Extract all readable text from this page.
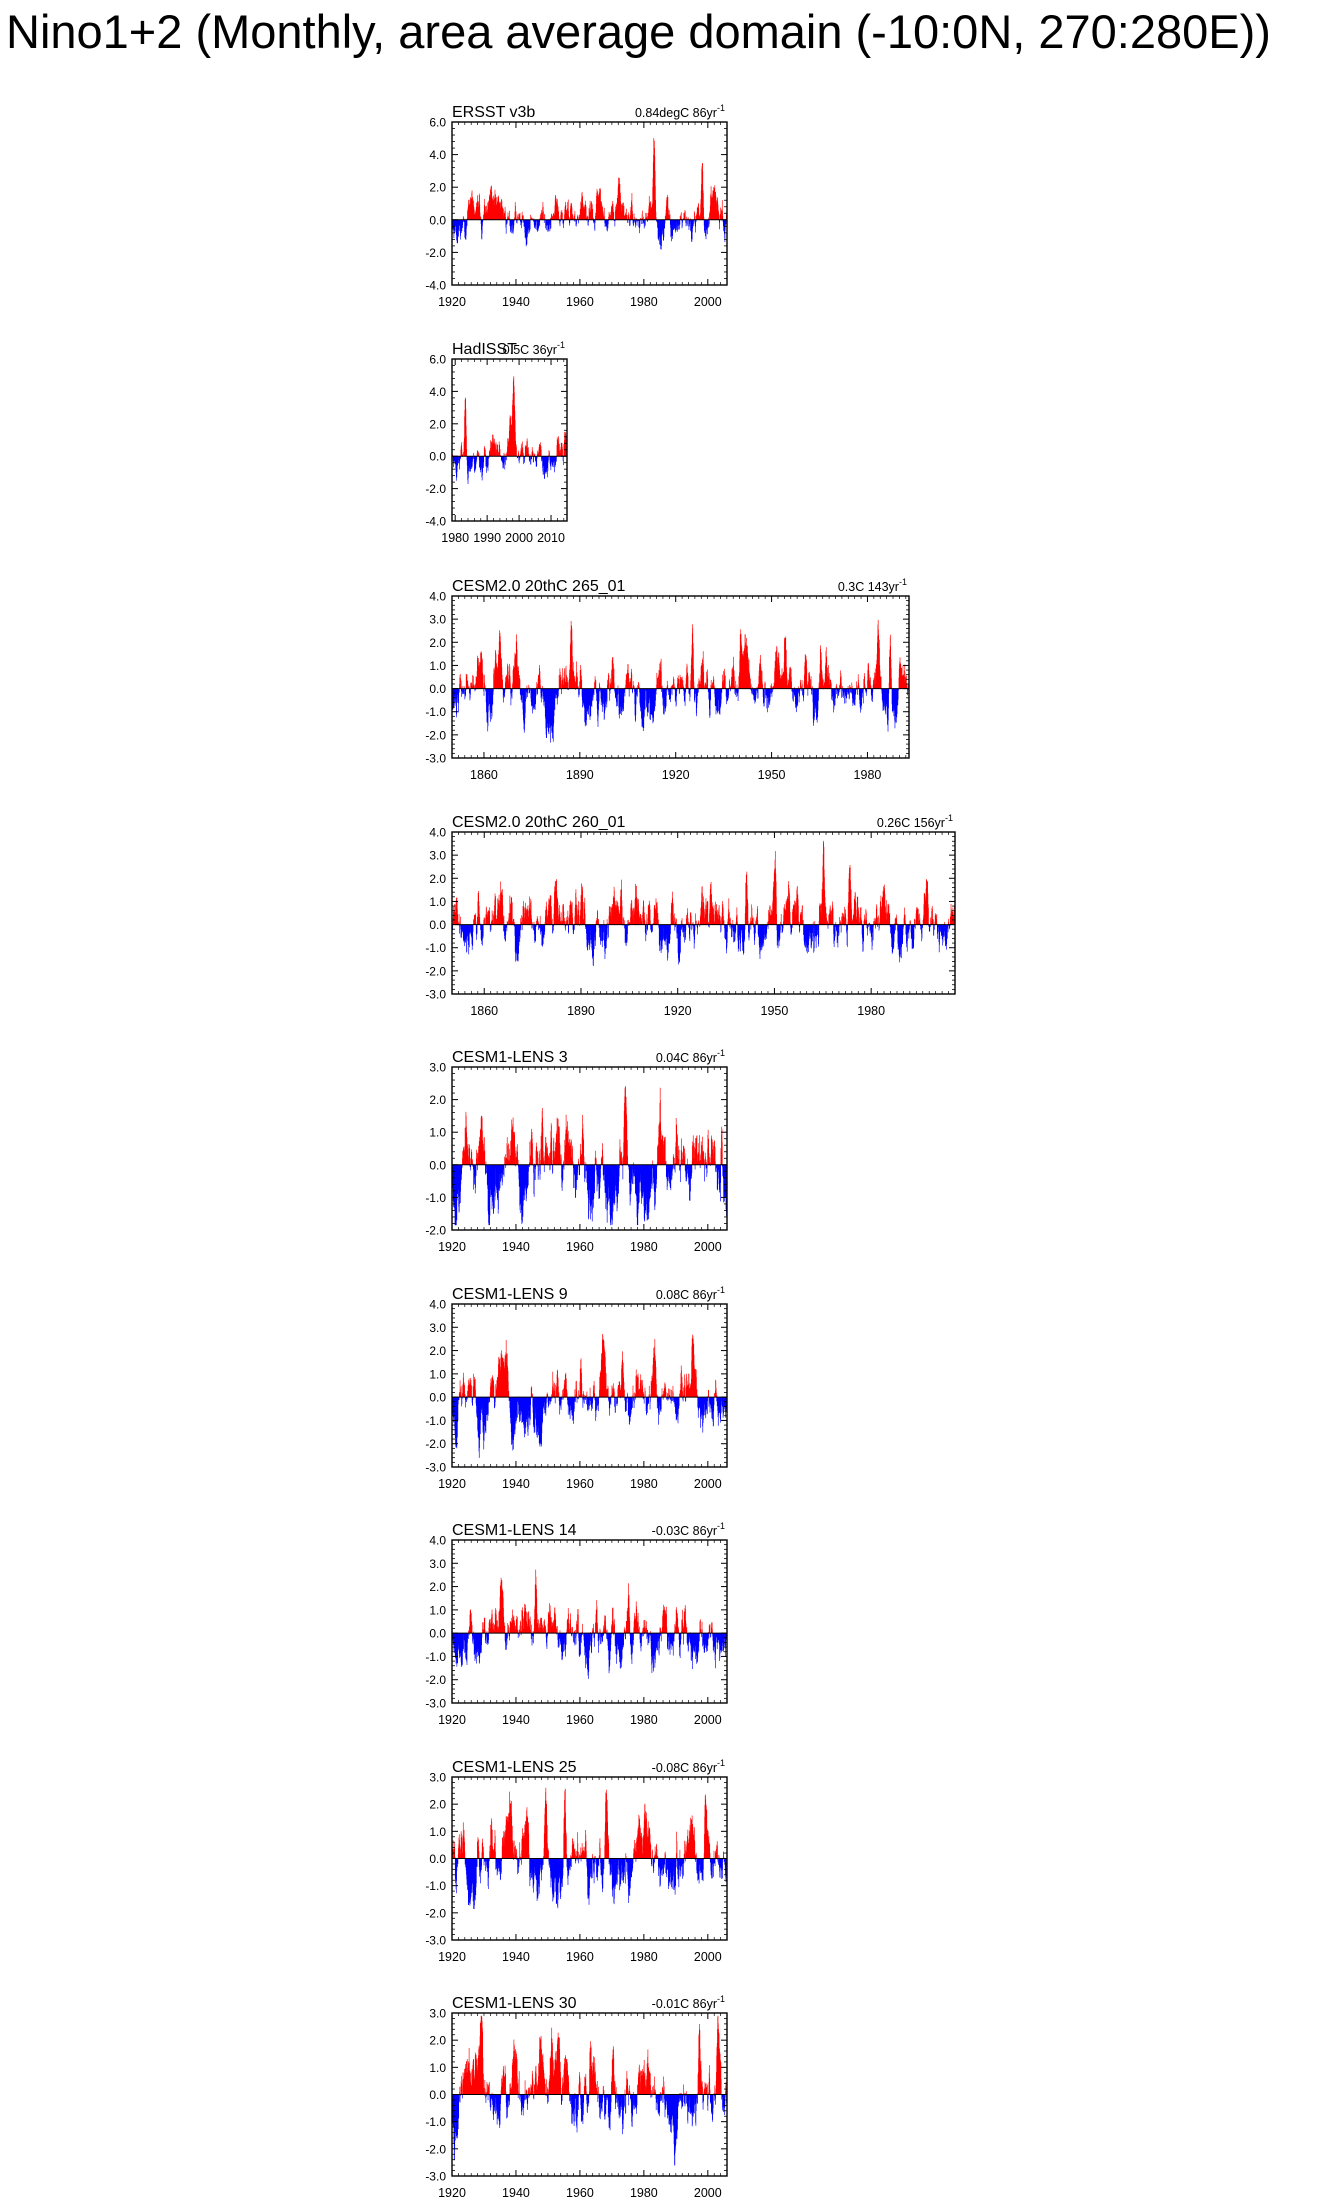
Nino1+2 (Monthly, area average domain (-10:0N, 270:280E))
6.0
4.0
2.0
0.0
-2.0
-4.0
1920	1940	1960	1980	2000
ERSST v3b	0.84degC $86yr^{-1}$
6.0
4.0
2.0
0.0
-2.0
-4.0
1980 1990 2000 2010
HadISST
0.5C $36yr^{-1}$
4.0
3.0
2.0
1.0
0.0
-1.0
-2.0
-3.0
1860	1890	1920	1950	1980
CESM2.0 20thC 265_01	0.3C $143yr^{-1}$
4.0
3.0
2.0
1.0
0.0
-1.0
-2.0
-3.0
1860	1890	1920	1950	1980
CESM2.0 20thC 260_01	0.26C $156yr^{-1}$
3.0
2.0
1.0
0.0
-1.0
-2.0
1920	1940	1960	1980	2000
CESM1-LENS 3	0.04C $86yr^{-1}$
4.0
3.0
2.0
1.0
0.0
-1.0
-2.0
-3.0
1920	1940	1960	1980	2000
CESM1-LENS 9	0.08C $86yr^{-1}$
4.0
3.0
2.0
1.0
0.0
-1.0
-2.0
-3.0
1920	1940	1960	1980	2000
CESM1-LENS 14	-0.03C $86yr^{-1}$
3.0
2.0
1.0
0.0
-1.0
-2.0
-3.0
1920	1940	1960	1980	2000
CESM1-LENS 25	-0.08C $86yr^{-1}$
3.0
2.0
1.0
0.0
-1.0
-2.0
-3.0
1920	1940	1960	1980	2000
CESM1-LENS 30	-0.01C $86yr^{-1}$
